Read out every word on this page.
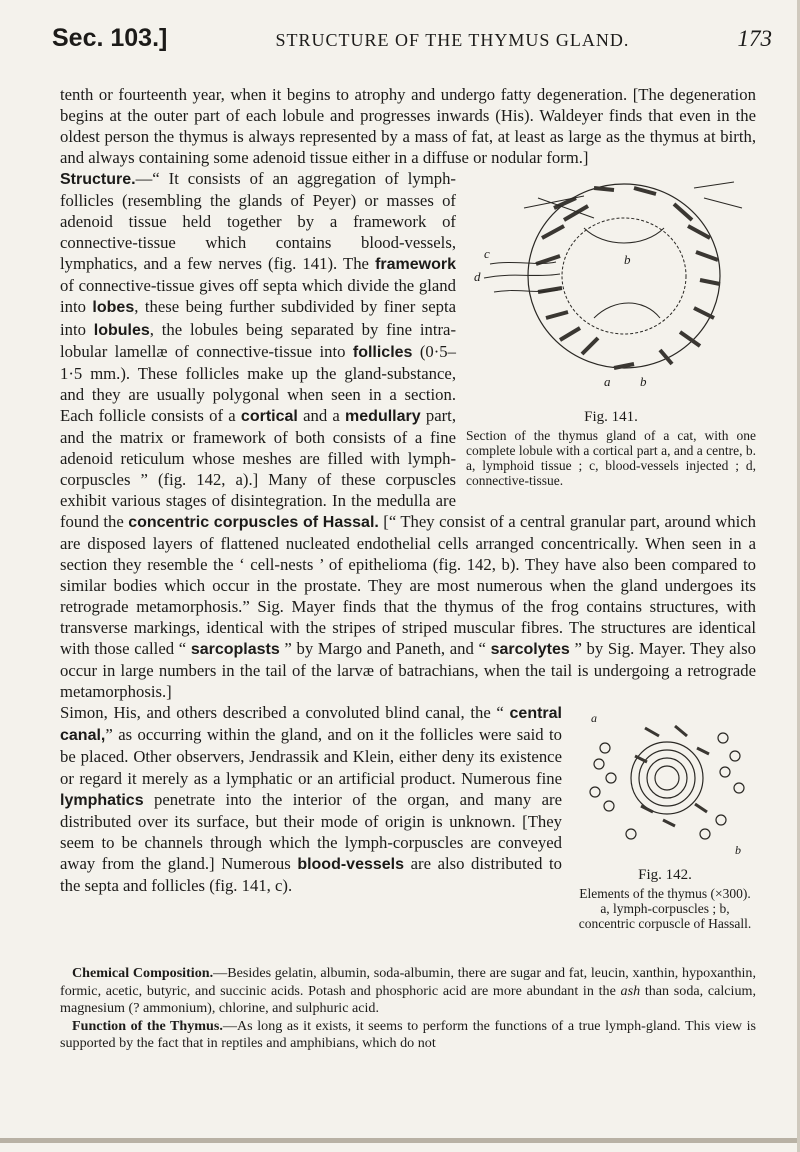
Sec. 103.]	STRUCTURE OF THE THYMUS GLAND.	173

tenth or fourteenth year, when it begins to atrophy and undergo fatty degeneration. [The degeneration begins at the outer part of each lobule and progresses inwards (His). Waldeyer finds that even in the oldest person the thymus is always represented by a mass of fat, at least as large as the thymus at birth, and always containing some adenoid tissue either in a diffuse or nodular form.]

c
d
b
a b
Fig. 141.
Section of the thymus gland of a cat, with one complete lobule with a cortical part a, and a centre, b. a, lymphoid tissue ; c, blood-vessels injected ; d, connective-tissue.

Structure.—“ It consists of an aggregation of lymph-follicles (resembling the glands of Peyer) or masses of adenoid tissue held together by a framework of connective-tissue which contains blood-vessels, lymphatics, and a few nerves (fig. 141). The framework of connective-tissue gives off septa which divide the gland into lobes, these being further subdivided by finer septa into lobules, the lobules being separated by fine intra-lobular lamellæ of connective-tissue into follicles (0·5–1·5 mm.). These follicles make up the gland-substance, and they are usually polygonal when seen in a section. Each follicle consists of a cortical and a medullary part, and the matrix or framework of both consists of a fine adenoid reticulum whose meshes are filled with lymph-corpuscles ” (fig. 142, a).] Many of these corpuscles exhibit various stages of disintegration. In the medulla are found the concentric corpuscles of Hassal. [“ They consist of a central granular part, around which are disposed layers of flattened nucleated endothelial cells arranged concentrically. When seen in a section they resemble the ‘ cell-nests ’ of epithelioma (fig. 142, b). They have also been compared to similar bodies which occur in the prostate. They are most numerous when the gland undergoes its retrograde metamorphosis.” Sig. Mayer finds that the thymus of the frog contains structures, with transverse markings, identical with the stripes of striped muscular fibres. The structures are identical with those called “ sarcoplasts ” by Margo and Paneth, and “ sarcolytes ” by Sig. Mayer. They also occur in large numbers in the tail of the larvæ of batrachians, when the tail is undergoing a retrograde metamorphosis.]

a
b
Fig. 142.
Elements of the thymus (×300). a, lymph-corpuscles ; b, concentric corpuscle of Hassall.

Simon, His, and others described a convoluted blind canal, the “ central canal,” as occurring within the gland, and on it the follicles were said to be placed. Other observers, Jendrassik and Klein, either deny its existence or regard it merely as a lymphatic or an artificial product. Numerous fine lymphatics penetrate into the interior of the organ, and many are distributed over its surface, but their mode of origin is unknown. [They seem to be channels through which the lymph-corpuscles are conveyed away from the gland.] Numerous blood-vessels are also distributed to the septa and follicles (fig. 141, c).

Chemical Composition.—Besides gelatin, albumin, soda-albumin, there are sugar and fat, leucin, xanthin, hypoxanthin, formic, acetic, butyric, and succinic acids. Potash and phosphoric acid are more abundant in the ash than soda, calcium, magnesium (? ammonium), chlorine, and sulphuric acid.

Function of the Thymus.—As long as it exists, it seems to perform the functions of a true lymph-gland. This view is supported by the fact that in reptiles and amphibians, which do not
